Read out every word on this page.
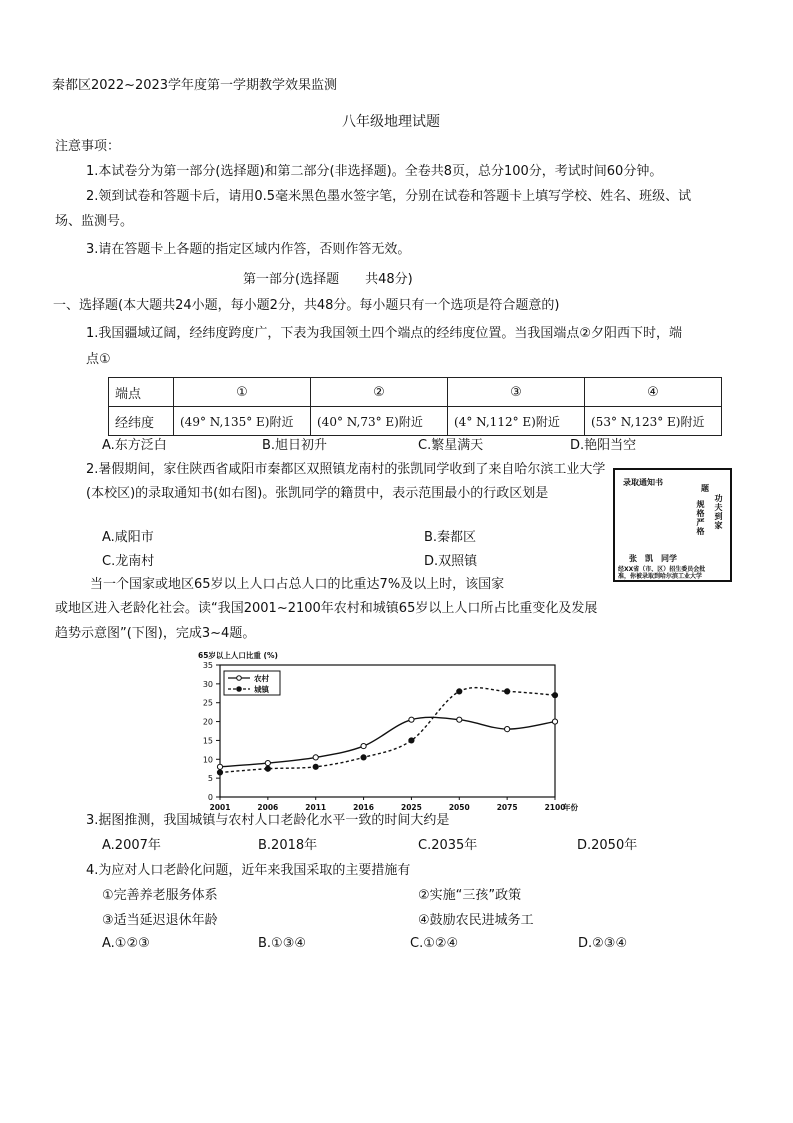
秦都区2022~2023学年度第一学期教学效果监测
八年级地理试题
注意事项：
1.本试卷分为第一部分(选择题)和第二部分(非选择题)。全卷共8页，总分100分，考试时间60分钟。
2.领到试卷和答题卡后，请用0.5毫米黑色墨水签字笔，分别在试卷和答题卡上填写学校、姓名、班级、试
场、监测号。
3.请在答题卡上各题的指定区域内作答，否则作答无效。
第一部分(选择题　　共48分)
一、选择题(本大题共24小题，每小题2分，共48分。每小题只有一个选项是符合题意的)
1.我国疆域辽阔，经纬度跨度广，下表为我国领土四个端点的经纬度位置。当我国端点②夕阳西下时，端
点①
端点	①	②	③	④
经纬度	(49° N,135° E)附近	(40° N,73° E)附近	(4° N,112° E)附近	(53° N,123° E)附近
A.东方泛白	B.旭日初升	C.繁星满天	D.艳阳当空
2.暑假期间，家住陕西省咸阳市秦都区双照镇龙南村的张凯同学收到了来自哈尔滨工业大学
(本校区)的录取通知书(如右图)。张凯同学的籍贯中，表示范围最小的行政区划是
A.咸阳市	B.秦都区
C.龙南村	D.双照镇
录取通知书
题
规格严格 功夫到家
张　凯　同学
经XX省（市、区）招生委员会批
准，你被录取到哈尔滨工业大学
当一个国家或地区65岁以上人口占总人口的比重达7%及以上时，该国家
或地区进入老龄化社会。读“我国2001~2100年农村和城镇65岁以上人口所占比重变化及发展
趋势示意图”(下图)，完成3~4题。
0
5
10
15
20
25
30
35
2001	2006	2011	2016	2025	2050	2075	2100
65岁以上人口比重 (%)
年份
农村
城镇
3.据图推测，我国城镇与农村人口老龄化水平一致的时间大约是
A.2007年	B.2018年	C.2035年	D.2050年
4.为应对人口老龄化问题，近年来我国采取的主要措施有
①完善养老服务体系	②实施“三孩”政策
③适当延迟退休年龄	④鼓励农民进城务工
A.①②③	B.①③④	C.①②④	D.②③④
